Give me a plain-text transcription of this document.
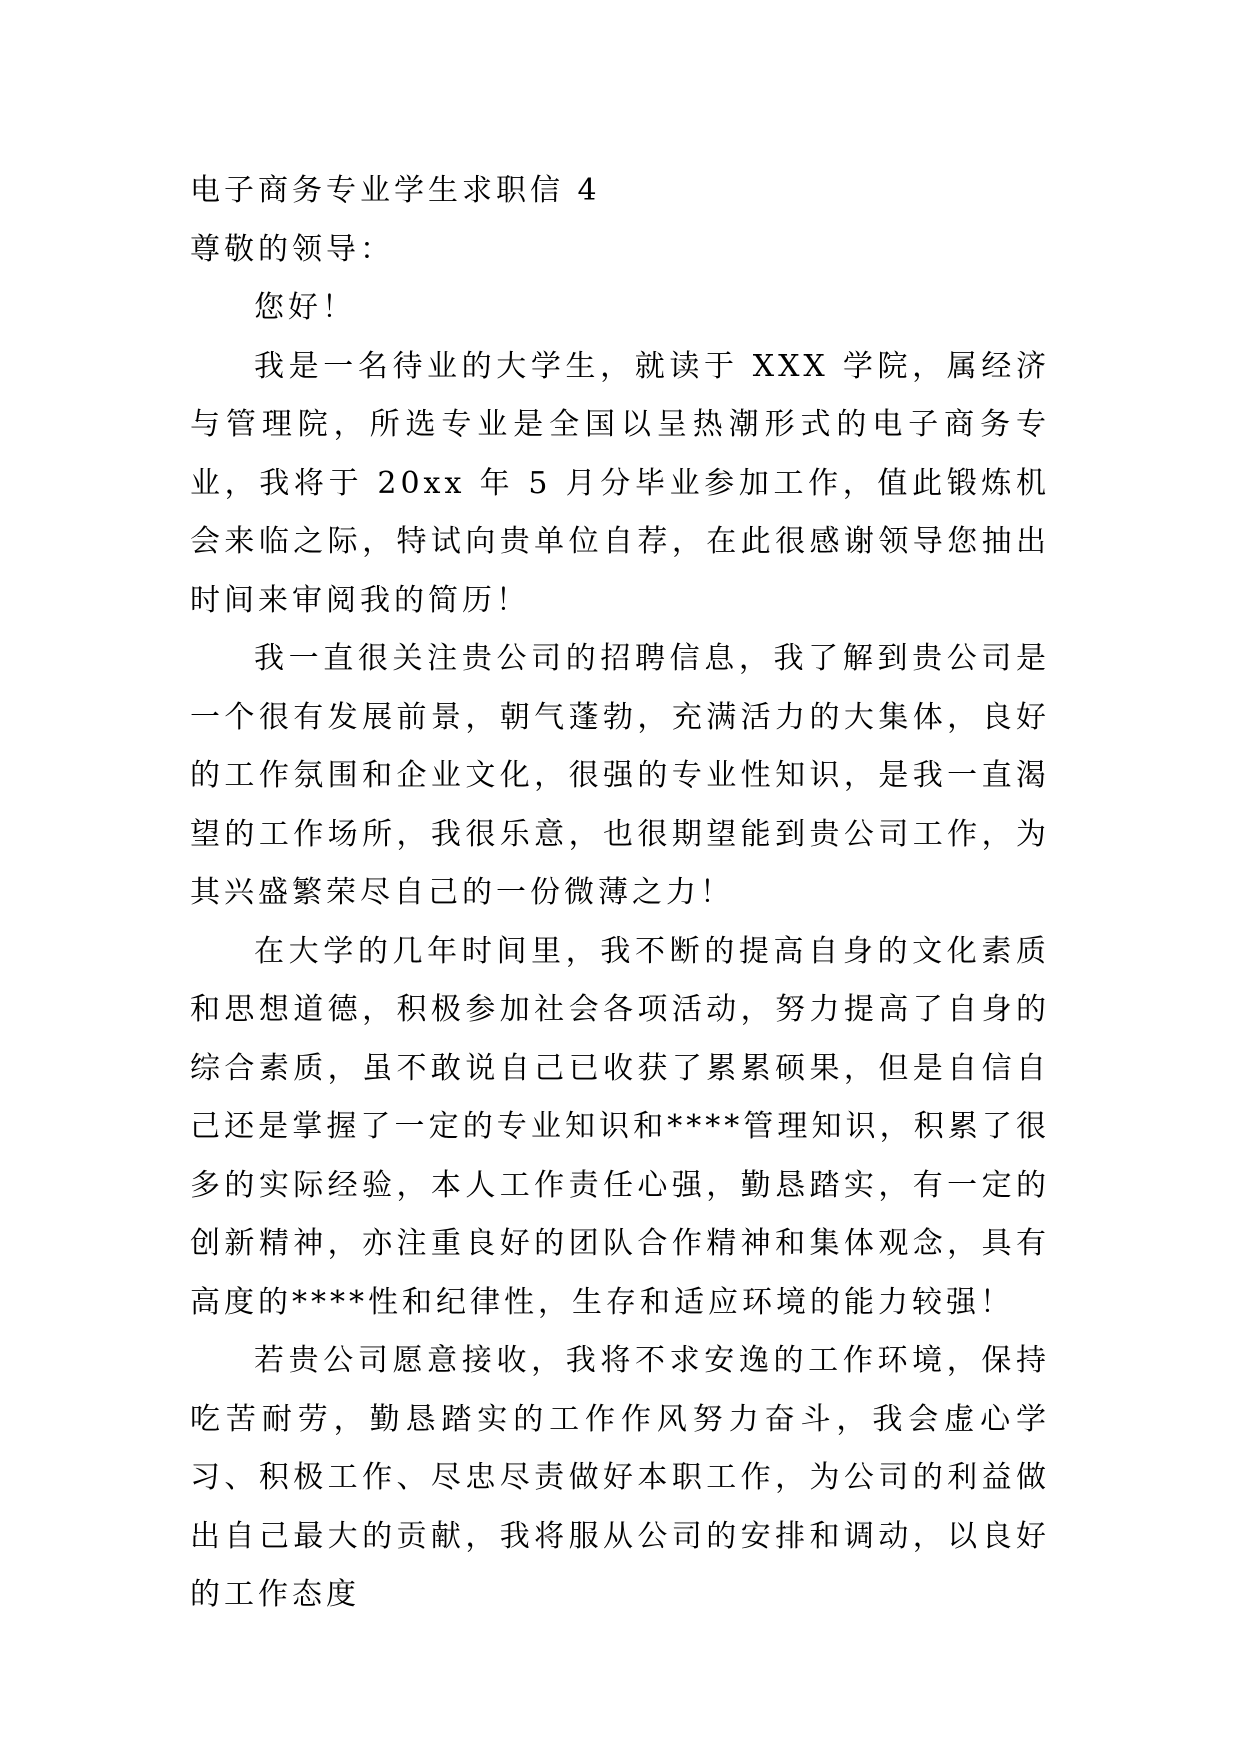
电子商务专业学生求职信 4
尊敬的领导：
您好！

我是一名待业的大学生，就读于 XXX 学院，属经济与管理院，所选专业是全国以呈热潮形式的电子商务专业，我将于 20xx 年 5 月分毕业参加工作，值此锻炼机会来临之际，特试向贵单位自荐，在此很感谢领导您抽出时间来审阅我的简历！

我一直很关注贵公司的招聘信息，我了解到贵公司是一个很有发展前景，朝气蓬勃，充满活力的大集体，良好的工作氛围和企业文化，很强的专业性知识，是我一直渴望的工作场所，我很乐意，也很期望能到贵公司工作，为其兴盛繁荣尽自己的一份微薄之力！

在大学的几年时间里，我不断的提高自身的文化素质和思想道德，积极参加社会各项活动，努力提高了自身的综合素质，虽不敢说自己已收获了累累硕果，但是自信自己还是掌握了一定的专业知识和****管理知识，积累了很多的实际经验，本人工作责任心强，勤恳踏实，有一定的创新精神，亦注重良好的团队合作精神和集体观念，具有高度的****性和纪律性，生存和适应环境的能力较强！

若贵公司愿意接收，我将不求安逸的工作环境，保持吃苦耐劳，勤恳踏实的工作作风努力奋斗，我会虚心学习、积极工作、尽忠尽责做好本职工作，为公司的利益做出自己最大的贡献，我将服从公司的安排和调动，以良好的工作态度
